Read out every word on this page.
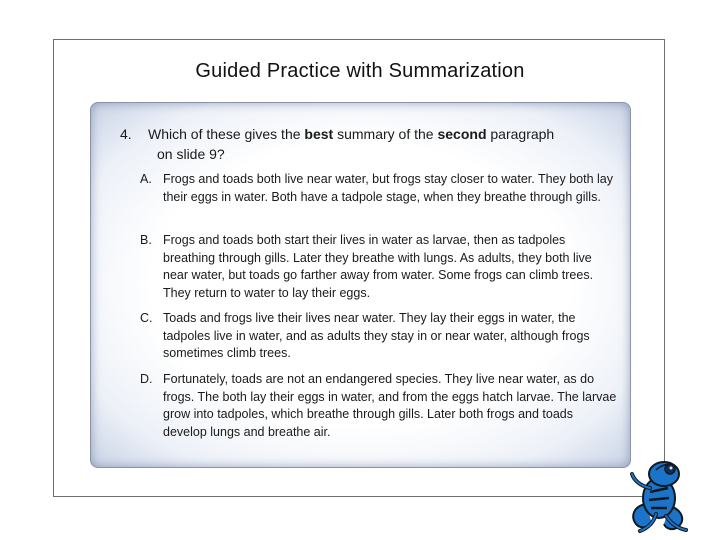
Guided Practice with Summarization
4. Which of these gives the best summary of the second paragraph
on slide 9?
A. Frogs and toads both live near water, but frogs stay closer to water. They both lay their eggs in water. Both have a tadpole stage, when they breathe through gills.
B. Frogs and toads both start their lives in water as larvae, then as tadpoles breathing through gills. Later they breathe with lungs. As adults, they both live near water, but toads go farther away from water. Some frogs can climb trees. They return to water to lay their eggs.
C. Toads and frogs live their lives near water. They lay their eggs in water, the tadpoles live in water, and as adults they stay in or near water, although frogs sometimes climb trees.
D. Fortunately, toads are not an endangered species. They live near water, as do frogs. The both lay their eggs in water, and from the eggs hatch larvae. The larvae grow into tadpoles, which breathe through gills. Later both frogs and toads develop lungs and breathe air.
